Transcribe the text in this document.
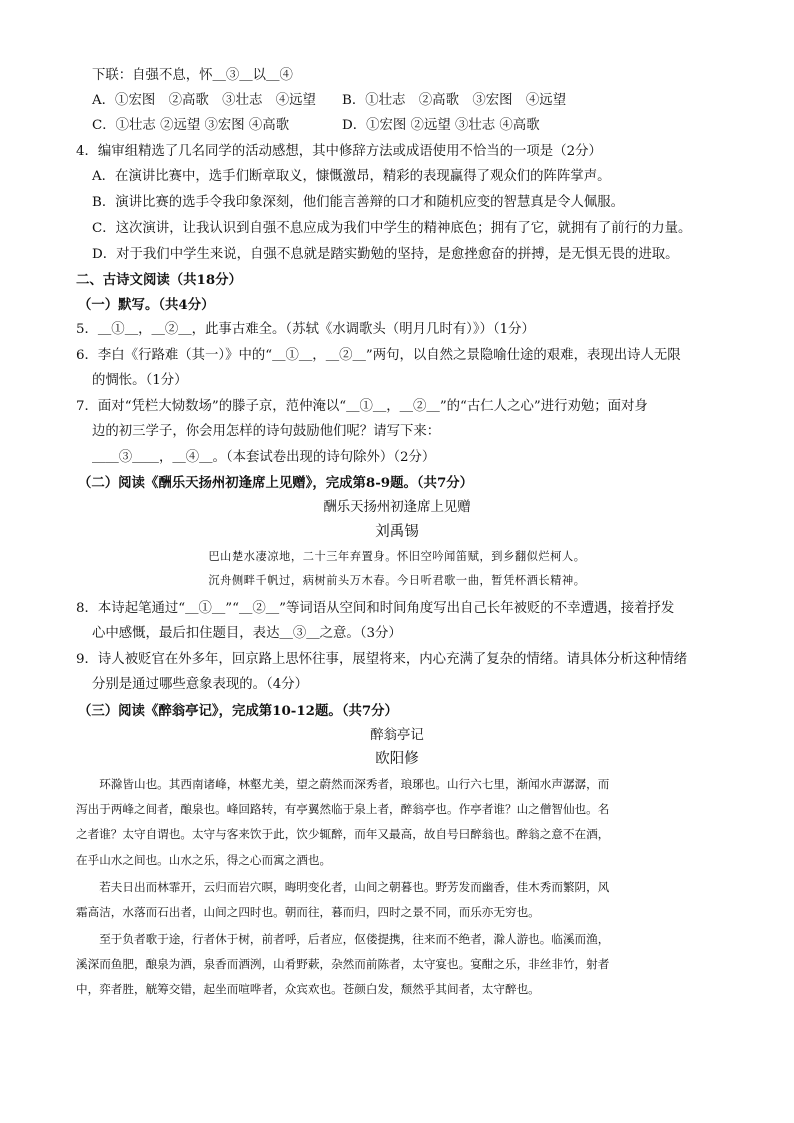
下联：自强不息，怀＿③＿以＿④
A．①宏图　②高歌　③壮志　④远望 B．①壮志　②高歌　③宏图　④远望
C．①壮志 ②远望 ③宏图 ④高歌	D．①宏图 ②远望 ③壮志 ④高歌
4．编审组精选了几名同学的活动感想，其中修辞方法或成语使用不恰当的一项是（2分）
A．在演讲比赛中，选手们断章取义，慷慨激昂，精彩的表现赢得了观众们的阵阵掌声。
B．演讲比赛的选手令我印象深刻，他们能言善辩的口才和随机应变的智慧真是令人佩服。
C．这次演讲，让我认识到自强不息应成为我们中学生的精神底色；拥有了它，就拥有了前行的力量。
D．对于我们中学生来说，自强不息就是踏实勤勉的坚持，是愈挫愈奋的拼搏，是无惧无畏的进取。
二、古诗文阅读（共18分）
（一）默写。（共4分）
5．＿①＿，＿②＿，此事古难全。（苏轼《水调歌头（明月几时有）》）（1分）
6．李白《行路难（其一）》中的“＿①＿，＿②＿”两句，以自然之景隐喻仕途的艰难，表现出诗人无限
的惆怅。（1分）
7．面对“凭栏大恸数场”的滕子京，范仲淹以“＿①＿，＿②＿”的“古仁人之心”进行劝勉；面对身
边的初三学子，你会用怎样的诗句鼓励他们呢？请写下来：
＿＿③＿＿，＿④＿。（本套试卷出现的诗句除外）（2分）
（二）阅读《酬乐天扬州初逢席上见赠》，完成第8-9题。（共7分）
酬乐天扬州初逢席上见赠
刘禹锡
巴山楚水凄凉地，二十三年弃置身。怀旧空吟闻笛赋，到乡翻似烂柯人。
沉舟侧畔千帆过，病树前头万木春。今日听君歌一曲，暂凭杯酒长精神。
8．本诗起笔通过“＿①＿”“＿②＿”等词语从空间和时间角度写出自己长年被贬的不幸遭遇，接着抒发
心中感慨，最后扣住题目，表达＿③＿之意。（3分）
9．诗人被贬官在外多年，回京路上思怀往事，展望将来，内心充满了复杂的情绪。请具体分析这种情绪
分别是通过哪些意象表现的。（4分）
（三）阅读《醉翁亭记》，完成第10-12题。（共7分）
醉翁亭记
欧阳修
　　环滁皆山也。其西南诸峰，林壑尤美，望之蔚然而深秀者，琅琊也。山行六七里，渐闻水声潺潺，而
泻出于两峰之间者，酿泉也。峰回路转，有亭翼然临于泉上者，醉翁亭也。作亭者谁？山之僧智仙也。名
之者谁？太守自谓也。太守与客来饮于此，饮少辄醉，而年又最高，故自号曰醉翁也。醉翁之意不在酒，
在乎山水之间也。山水之乐，得之心而寓之酒也。
　　若夫日出而林霏开，云归而岩穴暝，晦明变化者，山间之朝暮也。野芳发而幽香，佳木秀而繁阴，风
霜高洁，水落而石出者，山间之四时也。朝而往，暮而归，四时之景不同，而乐亦无穷也。
　　至于负者歌于途，行者休于树，前者呼，后者应，伛偻提携，往来而不绝者，滁人游也。临溪而渔，
溪深而鱼肥，酿泉为酒，泉香而酒洌，山肴野蔌，杂然而前陈者，太守宴也。宴酣之乐，非丝非竹，射者
中，弈者胜，觥筹交错，起坐而喧哗者，众宾欢也。苍颜白发，颓然乎其间者，太守醉也。
